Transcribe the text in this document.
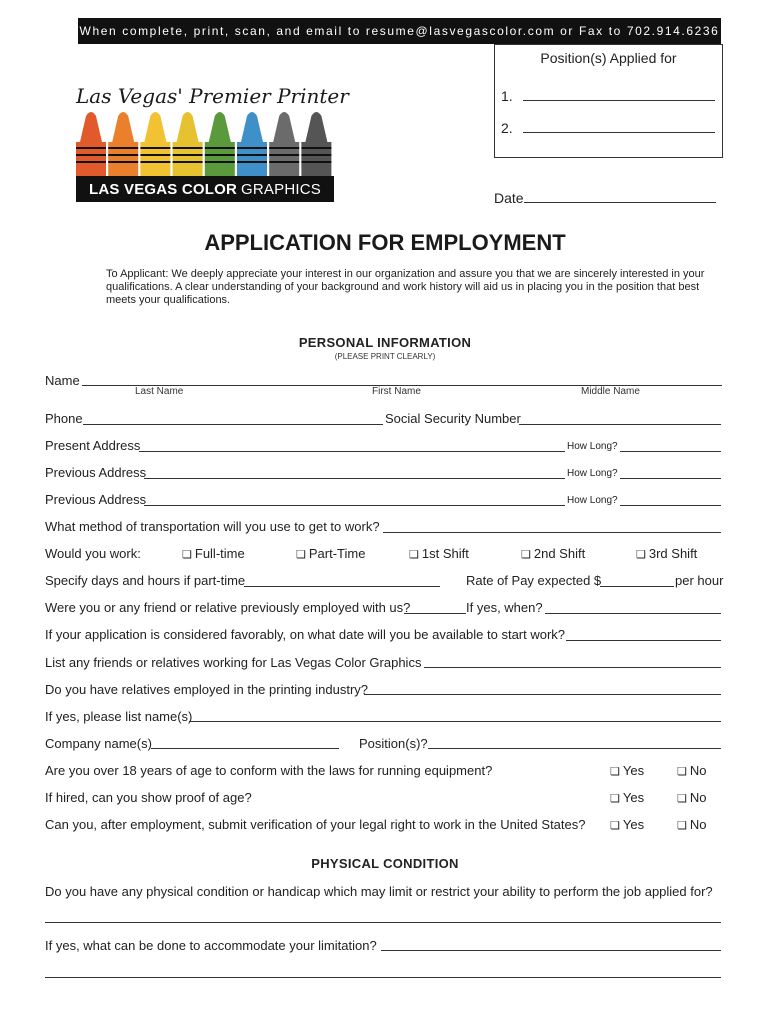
When complete, print, scan, and email to resume@lasvegascolor.com or Fax to 702.914.6236
Position(s) Applied for
1.
2.
Las Vegas' Premier Printer
LAS VEGAS COLOR GRAPHICS
Date
APPLICATION FOR EMPLOYMENT
To Applicant: We deeply appreciate your interest in our organization and assure you that we are sincerely interested in your qualifications. A clear understanding of your background and work history will aid us in placing you in the position that best meets your qualifications.
PERSONAL INFORMATION
(PLEASE PRINT CLEARLY)
Name
Last Name	First Name	Middle Name
Phone	Social Security Number
Present Address	How Long?
Previous Address	How Long?
Previous Address	How Long?
What method of transportation will you use to get to work?
Would you work:	❏ Full-time	❏ Part-Time	❏ 1st Shift	❏ 2nd Shift	❏ 3rd Shift
Specify days and hours if part-time	Rate of Pay expected $	per hour
Were you or any friend or relative previously employed with us?	If yes, when?
If your application is considered favorably, on what date will you be available to start work?
List any friends or relatives working for Las Vegas Color Graphics
Do you have relatives employed in the printing industry?
If yes, please list name(s)
Company name(s)	Position(s)?
Are you over 18 years of age to conform with the laws for running equipment?	❏ Yes	❏ No
If hired, can you show proof of age?	❏ Yes	❏ No
Can you, after employment, submit verification of your legal right to work in the United States? ❏ Yes	❏ No
PHYSICAL CONDITION
Do you have any physical condition or handicap which may limit or restrict your ability to perform the job applied for?
If yes, what can be done to accommodate your limitation?
